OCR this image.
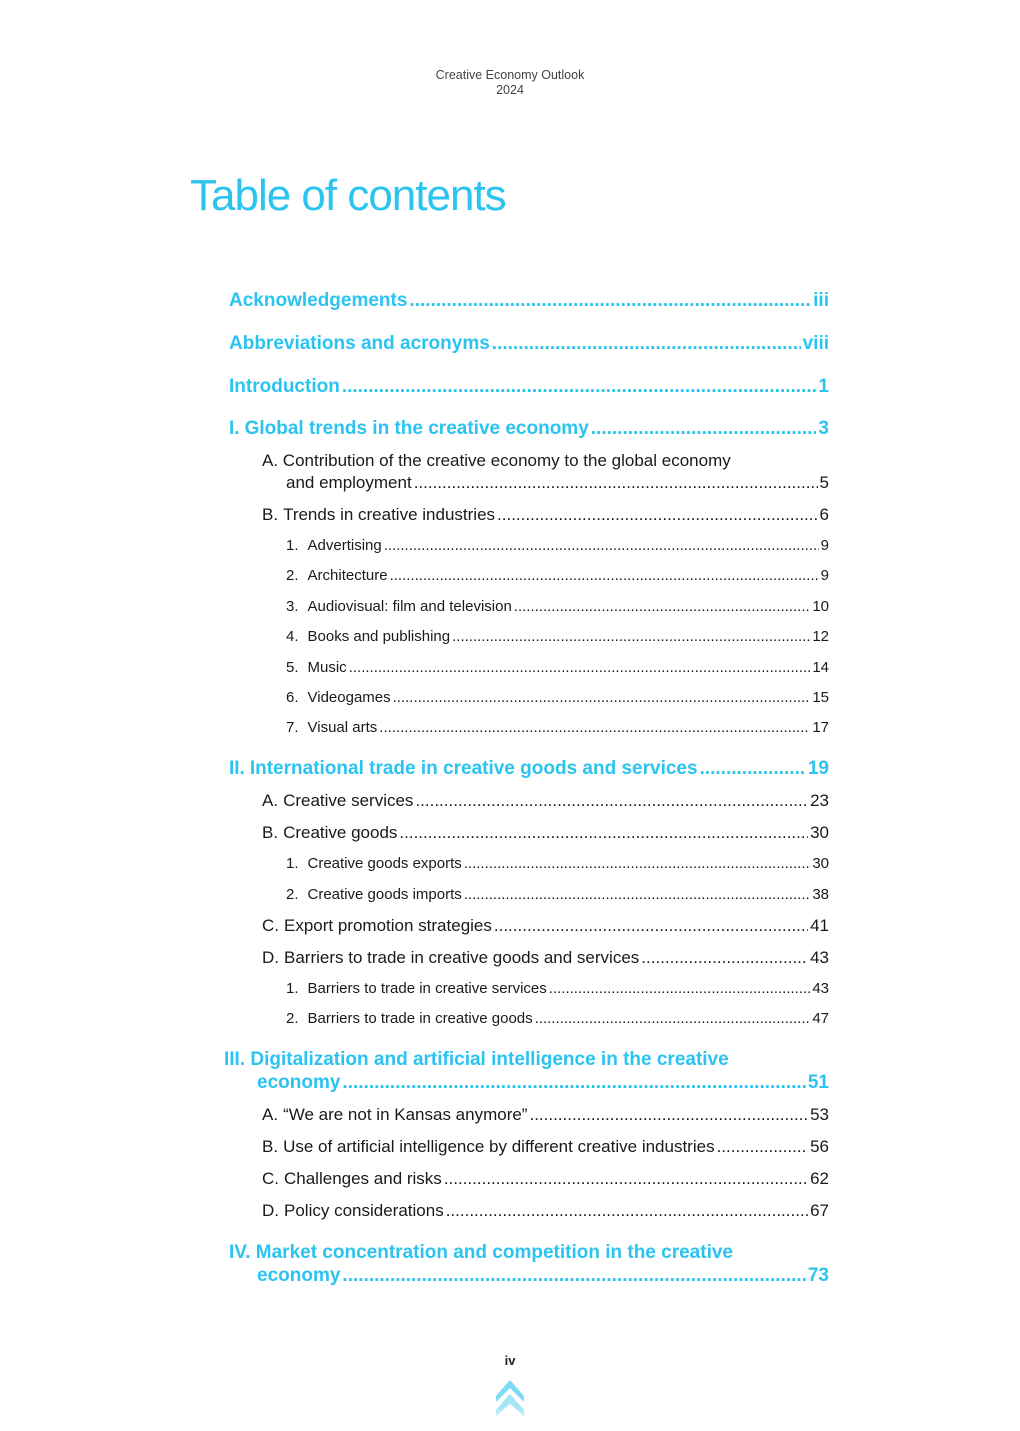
Creative Economy Outlook
2024
Table of contents
Acknowledgements .....	iii
Abbreviations and acronyms .....	viii
Introduction .....	1
I. Global trends in the creative economy .....	3
A. Contribution of the creative economy to the global economy
and employment .....	5
B. Trends in creative industries .....	6
1. Advertising .....	9
2. Architecture .....	9
3. Audiovisual: film and television .....	10
4. Books and publishing .....	12
5. Music .....	14
6. Videogames .....	15
7. Visual arts .....	17
II. International trade in creative goods and services .....	19
A. Creative services .....	23
B. Creative goods .....	30
1. Creative goods exports .....	30
2. Creative goods imports .....	38
C. Export promotion strategies .....	41
D. Barriers to trade in creative goods and services .....	43
1. Barriers to trade in creative services .....	43
2. Barriers to trade in creative goods .....	47
III. Digitalization and artificial intelligence in the creative
economy .....	51
A. “We are not in Kansas anymore” .....	53
B. Use of artificial intelligence by different creative industries .....	56
C. Challenges and risks .....	62
D. Policy considerations .....	67
IV. Market concentration and competition in the creative
economy .....	73
iv
